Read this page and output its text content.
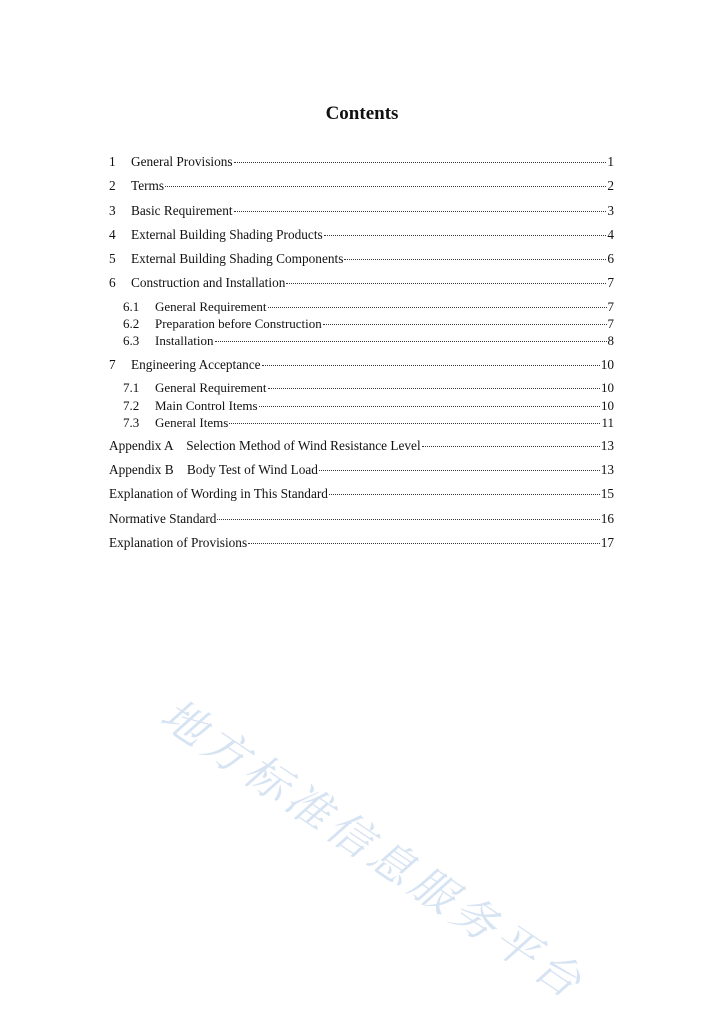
Contents
1	General Provisions	1
2	Terms	2
3	Basic Requirement	3
4	External Building Shading Products	4
5	External Building Shading Components	6
6	Construction and Installation	7
6.1	General Requirement	7
6.2	Preparation before Construction	7
6.3	Installation	8
7	Engineering Acceptance	10
7.1	General Requirement	10
7.2	Main Control Items	10
7.3	General Items	11
Appendix A    Selection Method of Wind Resistance Level	13
Appendix B    Body Test of Wind Load	13
Explanation of Wording in This Standard	15
Normative Standard	16
Explanation of Provisions	17
地方标准信息服务平台
